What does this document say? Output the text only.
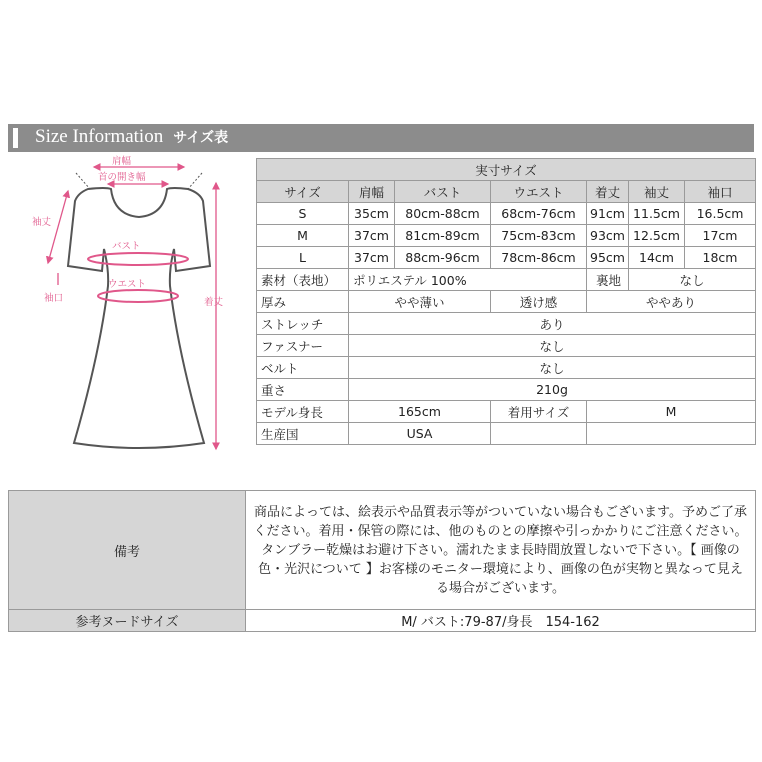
Size Information サイズ表
肩幅
首の開き幅
袖丈
袖口
バスト
ウエスト
着丈
実寸サイズ						
サイズ	肩幅	バスト	ウエスト	着丈	袖丈	袖口
S	35cm	80cm-88cm	68cm-76cm	91cm	11.5cm	16.5cm
M	37cm	81cm-89cm	75cm-83cm	93cm	12.5cm	17cm
L	37cm	88cm-96cm	78cm-86cm	95cm	14cm	18cm
素材（表地）	ポリエステル 100%			裏地	なし	
厚み	やや薄い		透け感	ややあり		
ストレッチ	あり					
ファスナー	なし					
ベルト	なし					
重さ	210g					
モデル身長	165cm		着用サイズ	M		
生産国	USA					
備考	商品によっては、絵表示や品質表示等がついていない場合もございます。予めご了承ください。着用・保管の際には、他のものとの摩擦や引っかかりにご注意ください。タンブラー乾燥はお避け下さい。濡れたまま長時間放置しないで下さい。【 画像の色・光沢について 】お客様のモニター環境により、画像の色が実物と異なって見える場合がございます。
参考ヌードサイズ	M/ バスト:79-87/身長　154-162
